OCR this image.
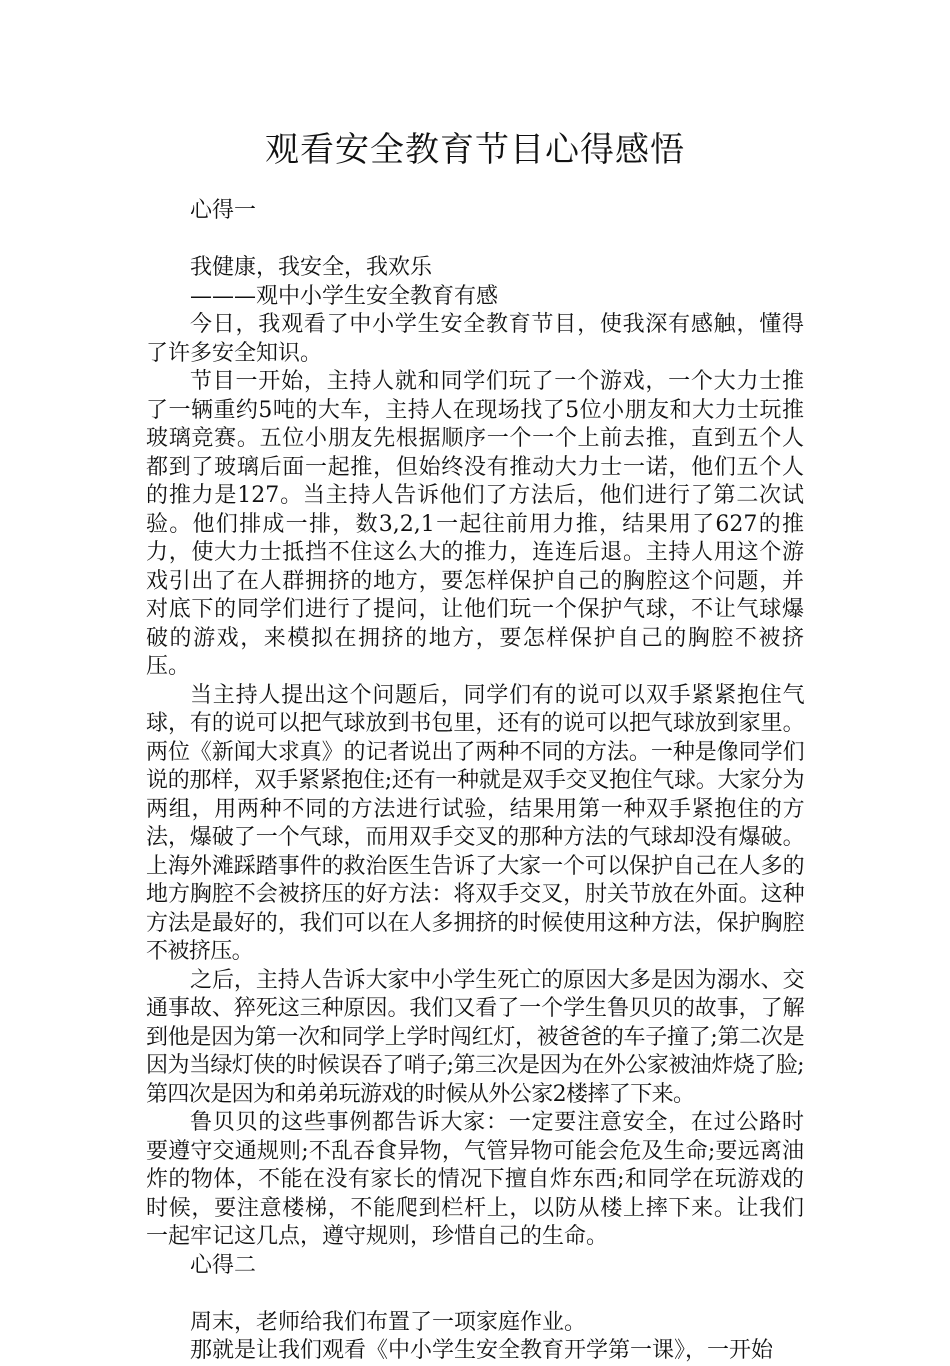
观看安全教育节目心得感悟

心得一

我健康，我安全，我欢乐

———观中小学生安全教育有感

今日，我观看了中小学生安全教育节目，使我深有感触，懂得了许多安全知识。

节目一开始，主持人就和同学们玩了一个游戏，一个大力士推了一辆重约5吨的大车，主持人在现场找了5位小朋友和大力士玩推玻璃竞赛。五位小朋友先根据顺序一个一个上前去推，直到五个人都到了玻璃后面一起推，但始终没有推动大力士一诺，他们五个人的推力是127。当主持人告诉他们了方法后，他们进行了第二次试验。他们排成一排，数3,2,1一起往前用力推，结果用了627的推力，使大力士抵挡不住这么大的推力，连连后退。主持人用这个游戏引出了在人群拥挤的地方，要怎样保护自己的胸腔这个问题，并对底下的同学们进行了提问，让他们玩一个保护气球，不让气球爆破的游戏，来模拟在拥挤的地方，要怎样保护自己的胸腔不被挤压。

当主持人提出这个问题后，同学们有的说可以双手紧紧抱住气球，有的说可以把气球放到书包里，还有的说可以把气球放到家里。两位《新闻大求真》的记者说出了两种不同的方法。一种是像同学们说的那样，双手紧紧抱住;还有一种就是双手交叉抱住气球。大家分为两组，用两种不同的方法进行试验，结果用第一种双手紧抱住的方法，爆破了一个气球，而用双手交叉的那种方法的气球却没有爆破。上海外滩踩踏事件的救治医生告诉了大家一个可以保护自己在人多的地方胸腔不会被挤压的好方法：将双手交叉，肘关节放在外面。这种方法是最好的，我们可以在人多拥挤的时候使用这种方法，保护胸腔不被挤压。

之后，主持人告诉大家中小学生死亡的原因大多是因为溺水、交通事故、猝死这三种原因。我们又看了一个学生鲁贝贝的故事，了解到他是因为第一次和同学上学时闯红灯，被爸爸的车子撞了;第二次是因为当绿灯侠的时候误吞了哨子;第三次是因为在外公家被油炸烧了脸;第四次是因为和弟弟玩游戏的时候从外公家2楼摔了下来。

鲁贝贝的这些事例都告诉大家：一定要注意安全，在过公路时要遵守交通规则;不乱吞食异物，气管异物可能会危及生命;要远离油炸的物体，不能在没有家长的情况下擅自炸东西;和同学在玩游戏的时候，要注意楼梯，不能爬到栏杆上，以防从楼上摔下来。让我们一起牢记这几点，遵守规则，珍惜自己的生命。

心得二

周末，老师给我们布置了一项家庭作业。

那就是让我们观看《中小学生安全教育开学第一课》，一开始
